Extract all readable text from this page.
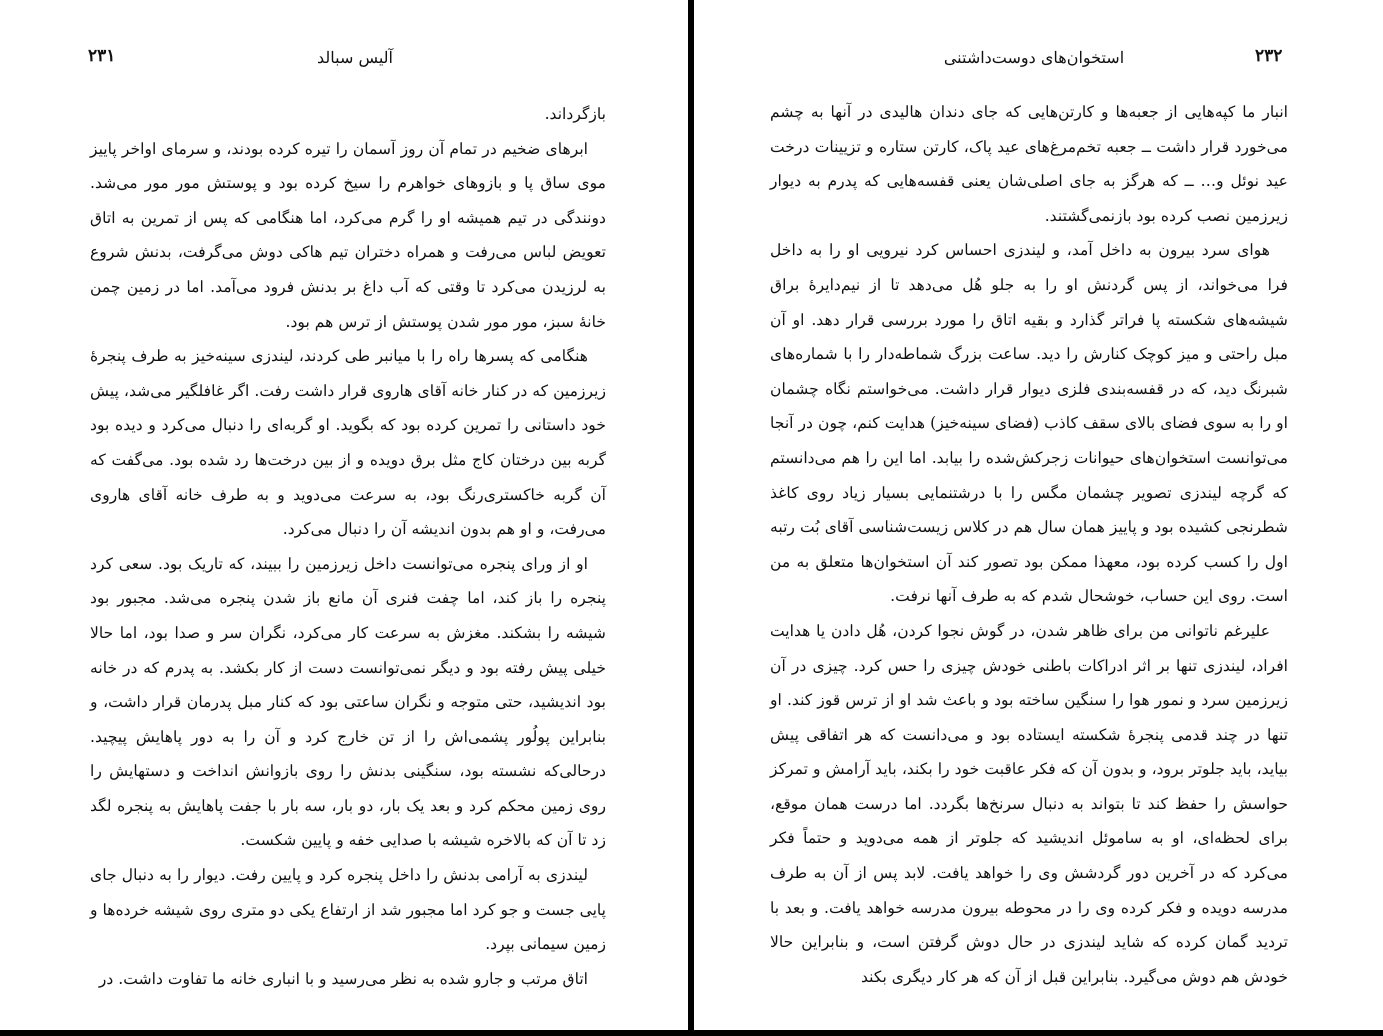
۲۳۱	آلیس سبالد

بازگرداند.

ابرهای ضخیم در تمام آن روز آسمان را تیره کرده بودند، و سرمای اواخر پاییز موی ساق پا و بازوهای خواهرم را سیخ کرده بود و پوستش مور مور می‌شد. دونندگی در تیم همیشه او را گرم می‌کرد، اما هنگامی که پس از تمرین به اتاق تعویض لباس می‌رفت و همراه دختران تیم هاکی دوش می‌گرفت، بدنش شروع به لرزیدن می‌کرد تا وقتی که آب داغ بر بدنش فرود می‌آمد. اما در زمین چمن خانهٔ سبز، مور مور شدن پوستش از ترس هم بود.

هنگامی که پسرها راه را با میانبر طی کردند، لیندزی سینه‌خیز به طرف پنجرهٔ زیرزمین که در کنار خانه آقای هاروی قرار داشت رفت. اگر غافلگیر می‌شد، پیش خود داستانی را تمرین کرده بود که بگوید. او گربه‌ای را دنبال می‌کرد و دیده بود گربه بین درختان کاج مثل برق دویده و از بین درخت‌ها رد شده بود. می‌گفت که آن گربه خاکستری‌رنگ بود، به سرعت می‌دوید و به طرف خانه آقای هاروی می‌رفت، و او هم بدون اندیشه آن را دنبال می‌کرد.

او از ورای پنجره می‌توانست داخل زیرزمین را ببیند، که تاریک بود. سعی کرد پنجره را باز کند، اما چفت فنری آن مانع باز شدن پنجره می‌شد. مجبور بود شیشه را بشکند. مغزش به سرعت کار می‌کرد، نگران سر و صدا بود، اما حالا خیلی پیش رفته بود و دیگر نمی‌توانست دست از کار بکشد. به پدرم که در خانه بود اندیشید، حتی متوجه و نگران ساعتی بود که کنار مبل پدرمان قرار داشت، و بنابراین پولُور پشمی‌اش را از تن خارج کرد و آن را به دور پاهایش پیچید. درحالی‌که نشسته بود، سنگینی بدنش را روی بازوانش انداخت و دستهایش را روی زمین محکم کرد و بعد یک بار، دو بار، سه بار با جفت پاهایش به پنجره لگد زد تا آن که بالاخره شیشه با صدایی خفه و پایین شکست.

لیندزی به آرامی بدنش را داخل پنجره کرد و پایین رفت. دیوار را به دنبال جای پایی جست و جو کرد اما مجبور شد از ارتفاع یکی دو متری روی شیشه خرده‌ها و زمین سیمانی بپرد.

اتاق مرتب و جارو شده به نظر می‌رسید و با انباری خانه ما تفاوت داشت. در

۲۳۲
استخوان‌های دوست‌داشتنی

انبار ما کپه‌هایی از جعبه‌ها و کارتن‌هایی که جای دندان هالیدی در آنها به چشم می‌خورد قرار داشت ــ جعبه تخم‌مرغ‌های عید پاک، کارتن ستاره و تزیینات درخت عید نوئل و… ــ که هرگز به جای اصلی‌شان یعنی قفسه‌هایی که پدرم به دیوار زیرزمین نصب کرده بود بازنمی‌گشتند.

هوای سرد بیرون به داخل آمد، و لیندزی احساس کرد نیرویی او را به داخل فرا می‌خواند، از پس گردنش او را به جلو هُل می‌دهد تا از نیم‌دایرهٔ براق شیشه‌های شکسته پا فراتر گذارد و بقیه اتاق را مورد بررسی قرار دهد. او آن مبل راحتی و میز کوچک کنارش را دید. ساعت بزرگ شماطه‌دار را با شماره‌های شبرنگ دید، که در قفسه‌بندی فلزی دیوار قرار داشت. می‌خواستم نگاه چشمان او را به سوی فضای بالای سقف کاذب (فضای سینه‌خیز) هدایت کنم، چون در آنجا می‌توانست استخوان‌های حیوانات زجرکش‌شده را بیابد. اما این را هم می‌دانستم که گرچه لیندزی تصویر چشمان مگس را با درشتنمایی بسیار زیاد روی کاغذ شطرنجی کشیده بود و پاییز همان سال هم در کلاس زیست‌شناسی آقای بُت رتبه اول را کسب کرده بود، معهذا ممکن بود تصور کند آن استخوان‌ها متعلق به من است. روی این حساب، خوشحال شدم که به طرف آنها نرفت.

علیرغم ناتوانی من برای ظاهر شدن، در گوش نجوا کردن، هُل دادن یا هدایت افراد، لیندزی تنها بر اثر ادراکات باطنی خودش چیزی را حس کرد. چیزی در آن زیرزمین سرد و نمور هوا را سنگین ساخته بود و باعث شد او از ترس قوز کند. او تنها در چند قدمی پنجرهٔ شکسته ایستاده بود و می‌دانست که هر اتفاقی پیش بیاید، باید جلوتر برود، و بدون آن که فکر عاقبت خود را بکند، باید آرامش و تمرکز حواسش را حفظ کند تا بتواند به دنبال سرنخ‌ها بگردد. اما درست همان موقع، برای لحظه‌ای، او به ساموئل اندیشید که جلوتر از همه می‌دوید و حتماً فکر می‌کرد که در آخرین دور گردشش وی را خواهد یافت. لابد پس از آن به طرف مدرسه دویده و فکر کرده وی را در محوطه بیرون مدرسه خواهد یافت. و بعد با تردید گمان کرده که شاید لیندزی در حال دوش گرفتن است، و بنابراین حالا خودش هم دوش می‌گیرد. بنابراین قبل از آن که هر کار دیگری بکند
